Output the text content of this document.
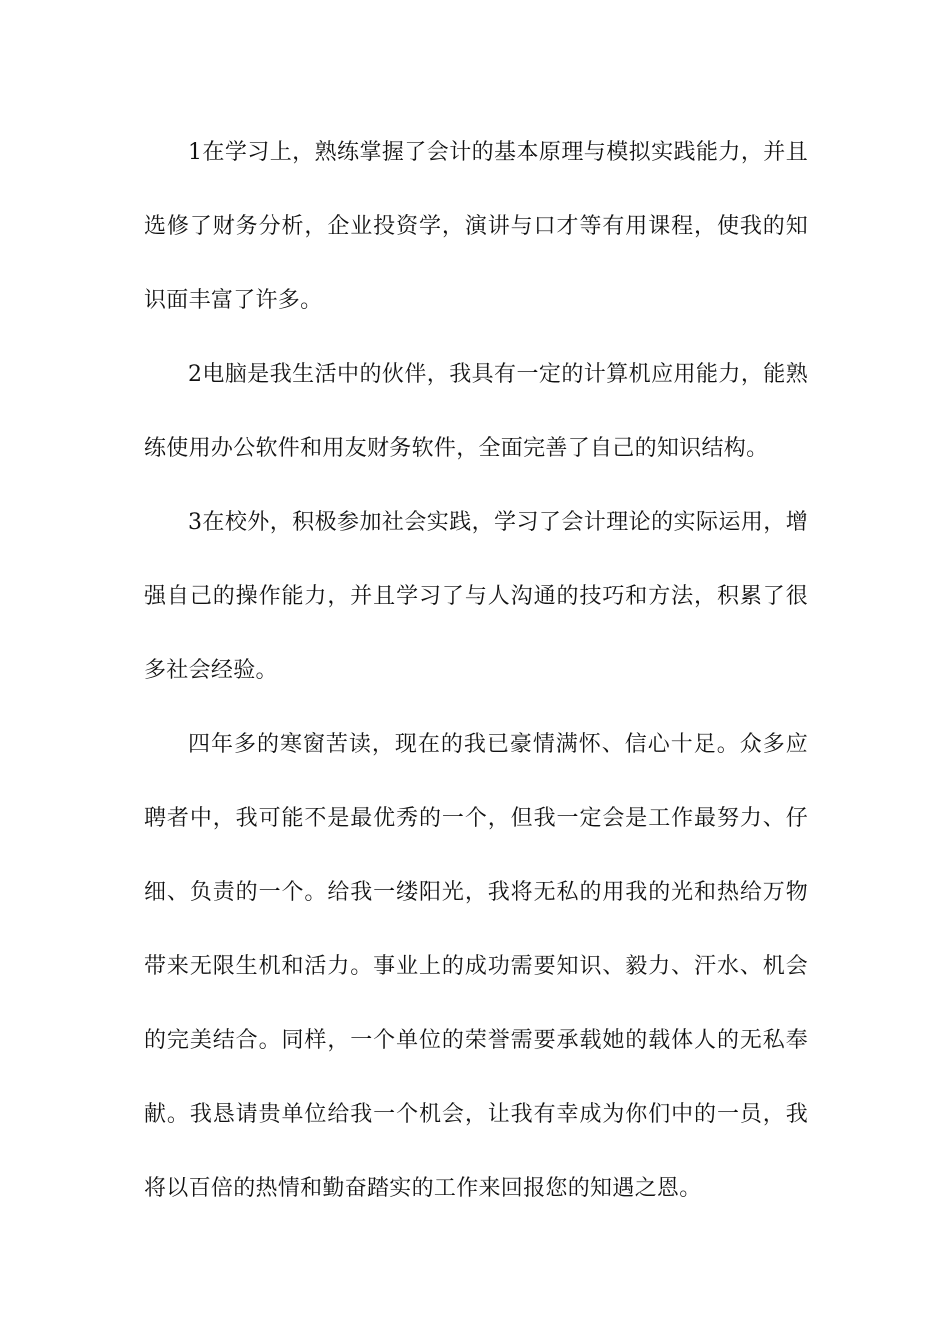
1在学习上，熟练掌握了会计的基本原理与模拟实践能力，并且选修了财务分析，企业投资学，演讲与口才等有用课程，使我的知识面丰富了许多。

2电脑是我生活中的伙伴，我具有一定的计算机应用能力，能熟练使用办公软件和用友财务软件，全面完善了自己的知识结构。

3在校外，积极参加社会实践，学习了会计理论的实际运用，增强自己的操作能力，并且学习了与人沟通的技巧和方法，积累了很多社会经验。

四年多的寒窗苦读，现在的我已豪情满怀、信心十足。众多应聘者中，我可能不是最优秀的一个，但我一定会是工作最努力、仔细、负责的一个。给我一缕阳光，我将无私的用我的光和热给万物带来无限生机和活力。事业上的成功需要知识、毅力、汗水、机会的完美结合。同样，一个单位的荣誉需要承载她的载体人的无私奉献。我恳请贵单位给我一个机会，让我有幸成为你们中的一员，我将以百倍的热情和勤奋踏实的工作来回报您的知遇之恩。
